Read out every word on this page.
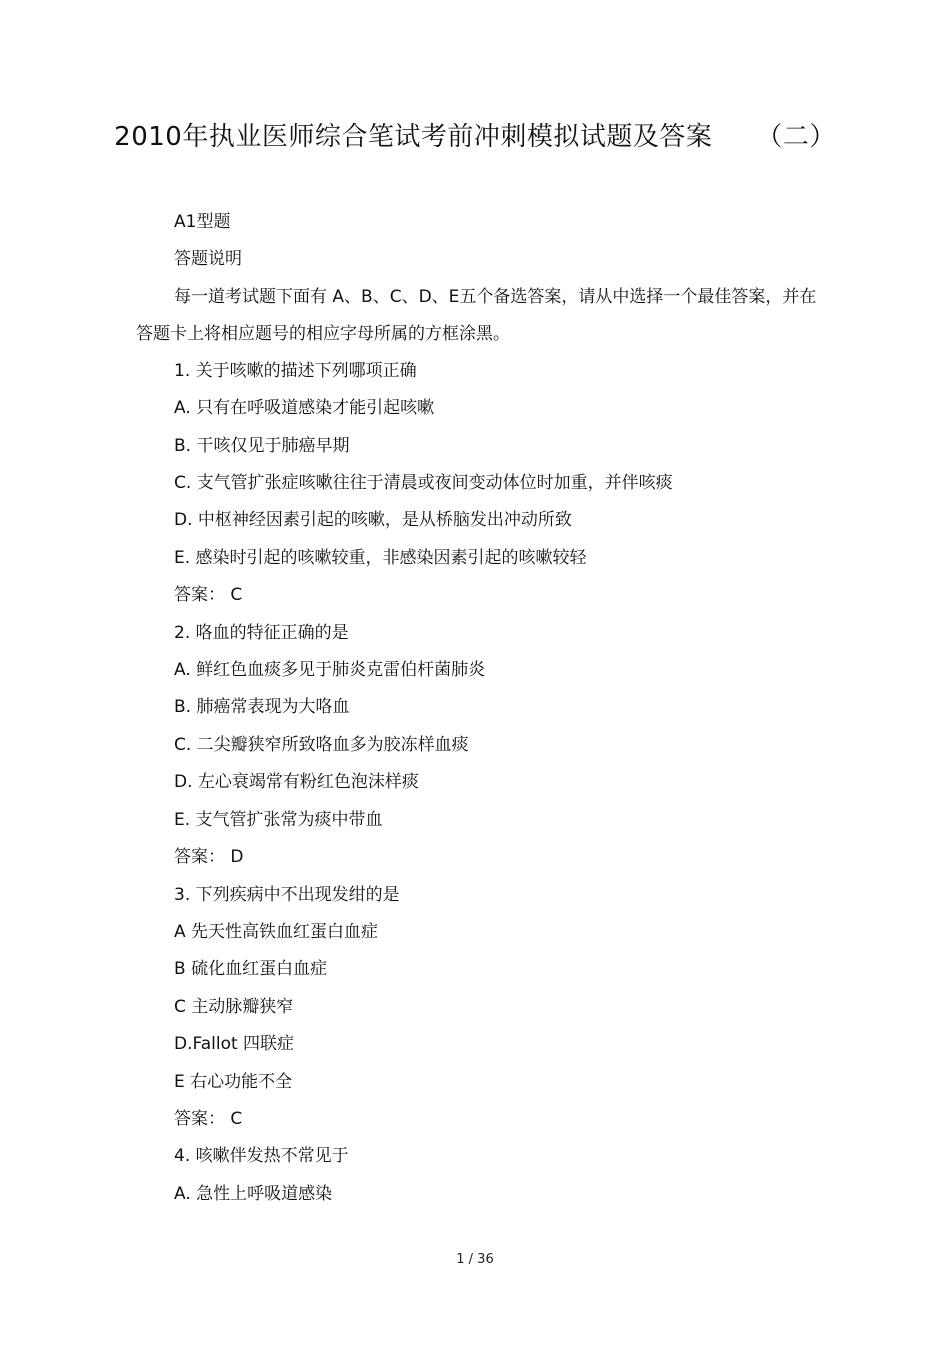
2010年执业医师综合笔试考前冲刺模拟试题及答案 （二）
A1型题
答题说明
每一道考试题下面有 A、B、C、D、E五个备选答案，请从中选择一个最佳答案，并在答题卡上将相应题号的相应字母所属的方框涂黑。
1. 关于咳嗽的描述下列哪项正确
A. 只有在呼吸道感染才能引起咳嗽
B. 干咳仅见于肺癌早期
C. 支气管扩张症咳嗽往往于清晨或夜间变动体位时加重，并伴咳痰
D. 中枢神经因素引起的咳嗽，是从桥脑发出冲动所致
E. 感染时引起的咳嗽较重，非感染因素引起的咳嗽较轻
答案： C
2. 咯血的特征正确的是
A. 鲜红色血痰多见于肺炎克雷伯杆菌肺炎
B. 肺癌常表现为大咯血
C. 二尖瓣狭窄所致咯血多为胶冻样血痰
D. 左心衰竭常有粉红色泡沫样痰
E. 支气管扩张常为痰中带血
答案： D
3. 下列疾病中不出现发绀的是
A 先天性高铁血红蛋白血症
B 硫化血红蛋白血症
C 主动脉瓣狭窄
D.Fallot 四联症
E 右心功能不全
答案： C
4. 咳嗽伴发热不常见于
A. 急性上呼吸道感染
1 / 36
